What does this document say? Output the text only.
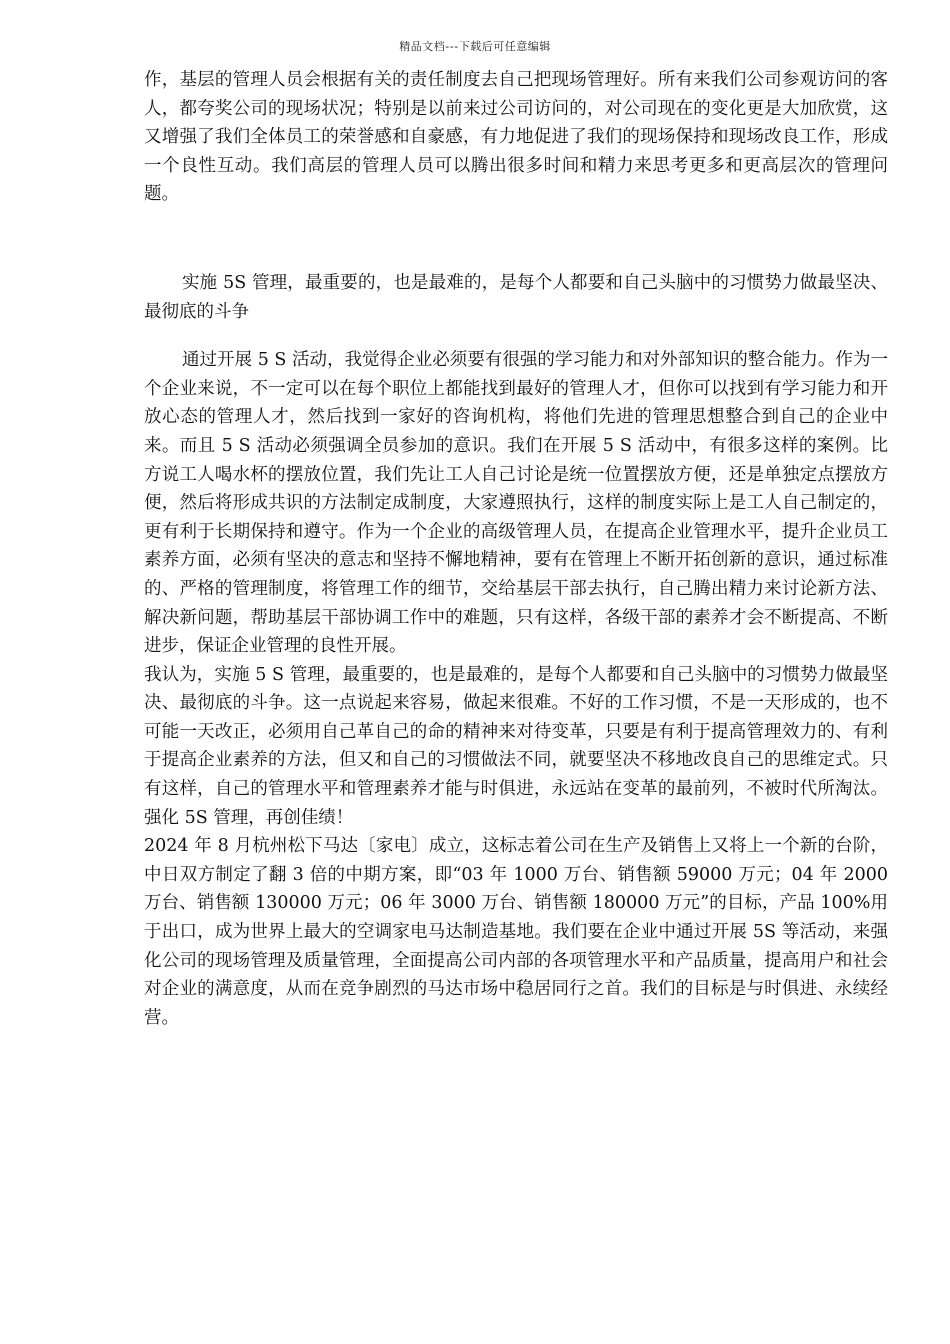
精品文档---下载后可任意编辑

作，基层的管理人员会根据有关的责任制度去自己把现场管理好。所有来我们公司参观访问的客人，都夸奖公司的现场状况；特别是以前来过公司访问的，对公司现在的变化更是大加欣赏，这又增强了我们全体员工的荣誉感和自豪感，有力地促进了我们的现场保持和现场改良工作，形成一个良性互动。我们高层的管理人员可以腾出很多时间和精力来思考更多和更高层次的管理问题。

实施 5S 管理，最重要的，也是最难的，是每个人都要和自己头脑中的习惯势力做最坚决、最彻底的斗争

通过开展 5 S 活动，我觉得企业必须要有很强的学习能力和对外部知识的整合能力。作为一个企业来说，不一定可以在每个职位上都能找到最好的管理人才，但你可以找到有学习能力和开放心态的管理人才，然后找到一家好的咨询机构，将他们先进的管理思想整合到自己的企业中来。而且 5 S 活动必须强调全员参加的意识。我们在开展 5 S 活动中，有很多这样的案例。比方说工人喝水杯的摆放位置，我们先让工人自己讨论是统一位置摆放方便，还是单独定点摆放方便，然后将形成共识的方法制定成制度，大家遵照执行，这样的制度实际上是工人自己制定的，更有利于长期保持和遵守。作为一个企业的高级管理人员，在提高企业管理水平，提升企业员工素养方面，必须有坚决的意志和坚持不懈地精神，要有在管理上不断开拓创新的意识，通过标准的、严格的管理制度，将管理工作的细节，交给基层干部去执行，自己腾出精力来讨论新方法、解决新问题，帮助基层干部协调工作中的难题，只有这样，各级干部的素养才会不断提高、不断进步，保证企业管理的良性开展。

我认为，实施 5 S 管理，最重要的，也是最难的，是每个人都要和自己头脑中的习惯势力做最坚决、最彻底的斗争。这一点说起来容易，做起来很难。不好的工作习惯，不是一天形成的，也不可能一天改正，必须用自己革自己的命的精神来对待变革，只要是有利于提高管理效力的、有利于提高企业素养的方法，但又和自己的习惯做法不同，就要坚决不移地改良自己的思维定式。只有这样，自己的管理水平和管理素养才能与时俱进，永远站在变革的最前列，不被时代所淘汰。 强化 5S 管理，再创佳绩！

2024 年 8 月杭州松下马达〔家电〕成立，这标志着公司在生产及销售上又将上一个新的台阶，中日双方制定了翻 3 倍的中期方案，即“03 年 1000 万台、销售额 59000 万元；04 年 2000 万台、销售额 130000 万元；06 年 3000 万台、销售额 180000 万元”的目标，产品 100%用于出口，成为世界上最大的空调家电马达制造基地。我们要在企业中通过开展 5S 等活动，来强化公司的现场管理及质量管理，全面提高公司内部的各项管理水平和产品质量，提高用户和社会对企业的满意度，从而在竞争剧烈的马达市场中稳居同行之首。我们的目标是与时俱进、永续经营。
